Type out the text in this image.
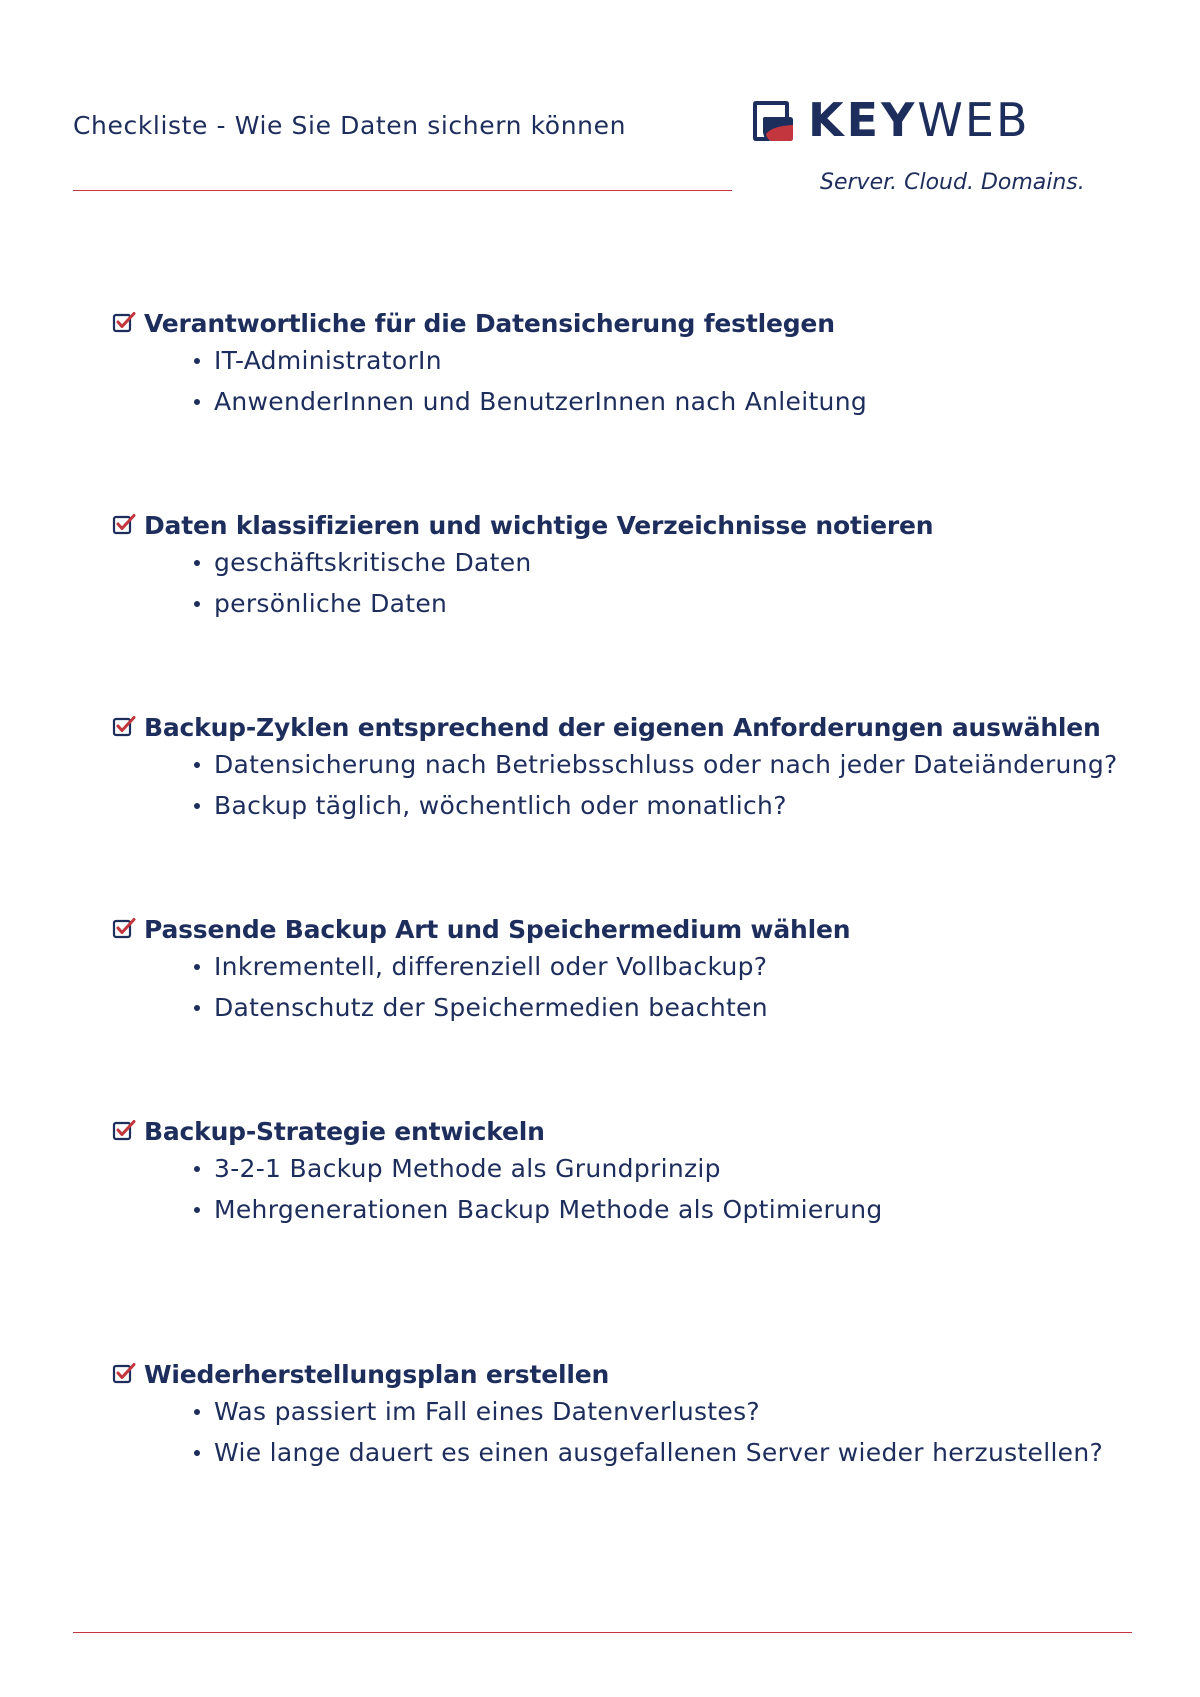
Checkliste - Wie Sie Daten sichern können	KEYWEB
Server. Cloud. Domains.
Verantwortliche für die Datensicherung festlegen
IT-AdministratorIn
AnwenderInnen und BenutzerInnen nach Anleitung
Daten klassifizieren und wichtige Verzeichnisse notieren
geschäftskritische Daten
persönliche Daten
Backup-Zyklen entsprechend der eigenen Anforderungen auswählen
Datensicherung nach Betriebsschluss oder nach jeder Dateiänderung?
Backup täglich, wöchentlich oder monatlich?
Passende Backup Art und Speichermedium wählen
Inkrementell, differenziell oder Vollbackup?
Datenschutz der Speichermedien beachten
Backup-Strategie entwickeln
3-2-1 Backup Methode als Grundprinzip
Mehrgenerationen Backup Methode als Optimierung
Wiederherstellungsplan erstellen
Was passiert im Fall eines Datenverlustes?
Wie lange dauert es einen ausgefallenen Server wieder herzustellen?
